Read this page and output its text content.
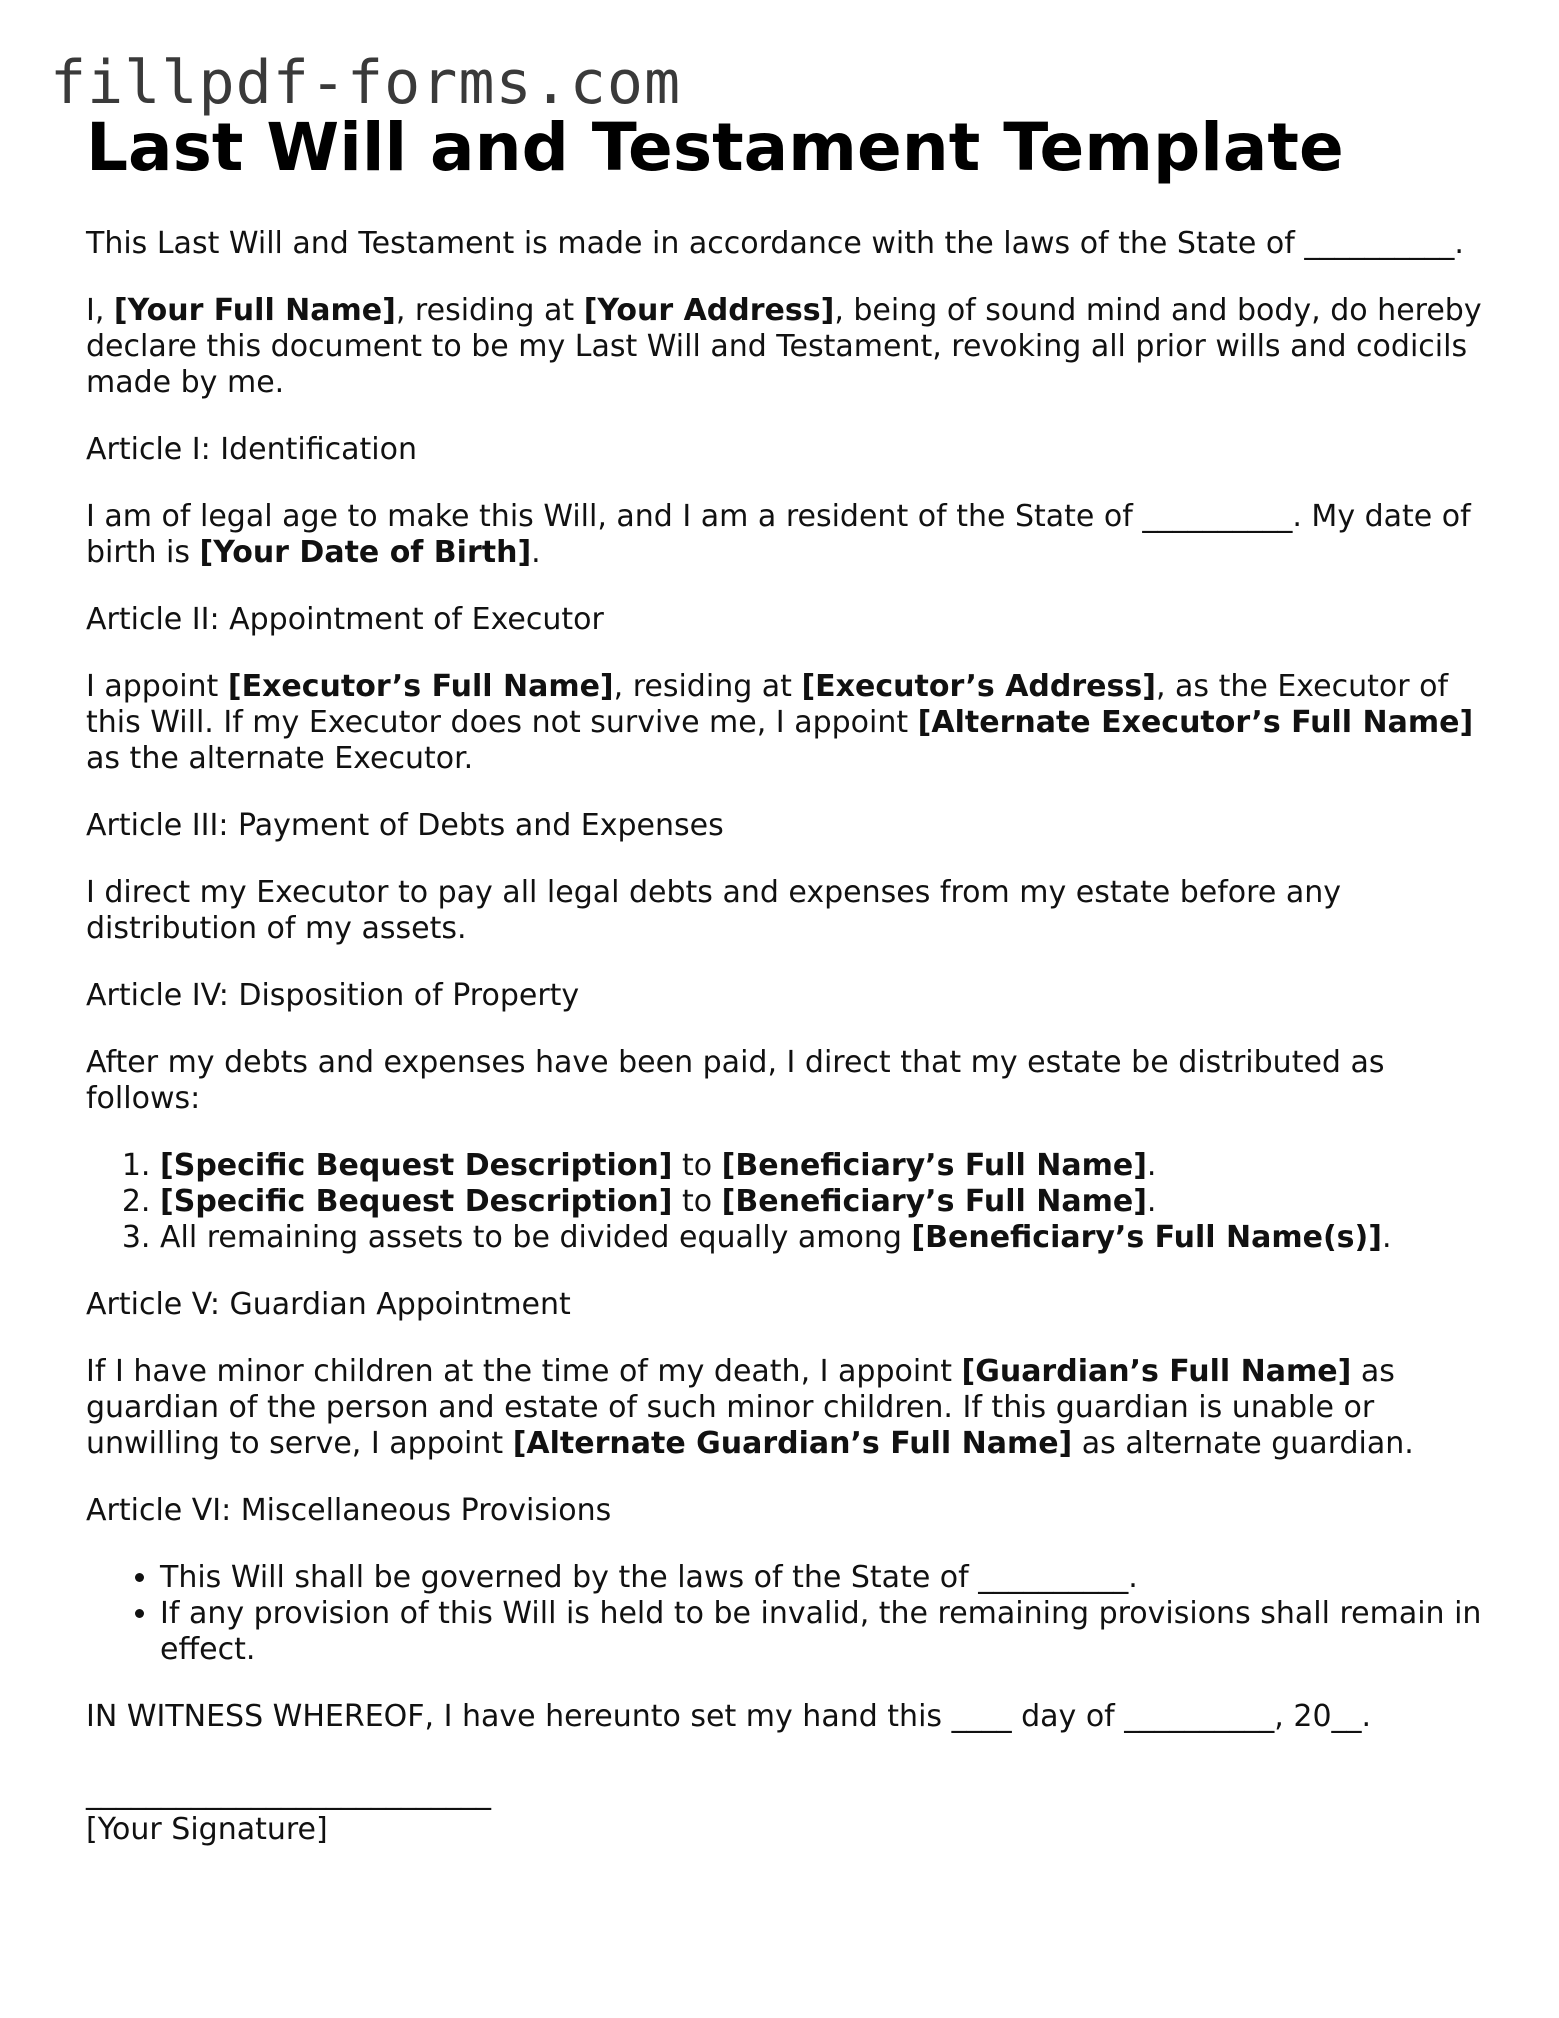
fillpdf-forms.com
Last Will and Testament Template

This Last Will and Testament is made in accordance with the laws of the State of __________.

I, [Your Full Name], residing at [Your Address], being of sound mind and body, do hereby declare this document to be my Last Will and Testament, revoking all prior wills and codicils made by me.

Article I: Identification

I am of legal age to make this Will, and I am a resident of the State of __________. My date of birth is [Your Date of Birth].

Article II: Appointment of Executor

I appoint [Executor’s Full Name], residing at [Executor’s Address], as the Executor of this Will. If my Executor does not survive me, I appoint [Alternate Executor’s Full Name] as the alternate Executor.

Article III: Payment of Debts and Expenses

I direct my Executor to pay all legal debts and expenses from my estate before any distribution of my assets.

Article IV: Disposition of Property

After my debts and expenses have been paid, I direct that my estate be distributed as follows:

1. [Specific Bequest Description] to [Beneficiary’s Full Name].
2. [Specific Bequest Description] to [Beneficiary’s Full Name].
3. All remaining assets to be divided equally among [Beneficiary’s Full Name(s)].

Article V: Guardian Appointment

If I have minor children at the time of my death, I appoint [Guardian’s Full Name] as guardian of the person and estate of such minor children. If this guardian is unable or unwilling to serve, I appoint [Alternate Guardian’s Full Name] as alternate guardian.

Article VI: Miscellaneous Provisions

• This Will shall be governed by the laws of the State of __________.
• If any provision of this Will is held to be invalid, the remaining provisions shall remain in effect.

IN WITNESS WHEREOF, I have hereunto set my hand this ____ day of __________, 20__.

___________________________
[Your Signature]
